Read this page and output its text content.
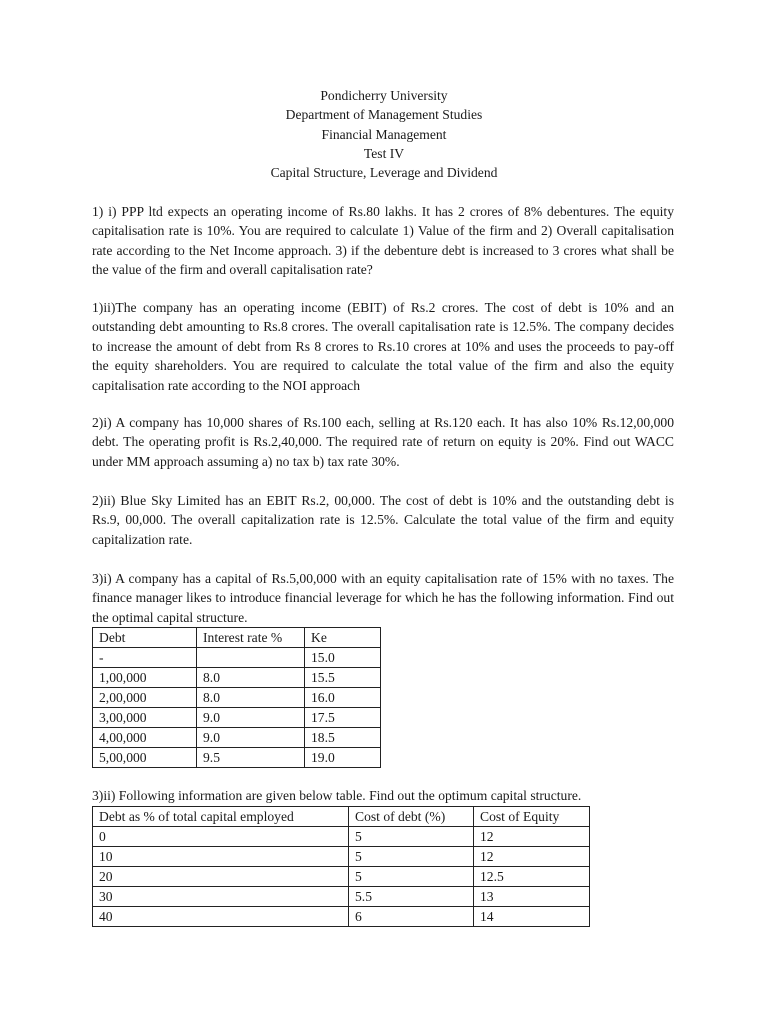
Pondicherry University
Department of Management Studies
Financial Management
Test IV
Capital Structure, Leverage and Dividend

1) i) PPP ltd expects an operating income of Rs.80 lakhs. It has 2 crores of 8% debentures. The equity capitalisation rate is 10%. You are required to calculate 1) Value of the firm and 2) Overall capitalisation rate according to the Net Income approach. 3) if the debenture debt is increased to 3 crores what shall be the value of the firm and overall capitalisation rate?

1)ii)The company has an operating income (EBIT) of Rs.2 crores. The cost of debt is 10% and an outstanding debt amounting to Rs.8 crores. The overall capitalisation rate is 12.5%. The company decides to increase the amount of debt from Rs 8 crores to Rs.10 crores at 10% and uses the proceeds to pay-off the equity shareholders. You are required to calculate the total value of the firm and also the equity capitalisation rate according to the NOI approach

2)i) A company has 10,000 shares of Rs.100 each, selling at Rs.120 each. It has also 10% Rs.12,00,000 debt. The operating profit is Rs.2,40,000. The required rate of return on equity is 20%. Find out WACC under MM approach assuming a) no tax b) tax rate 30%.

2)ii) Blue Sky Limited has an EBIT Rs.2, 00,000. The cost of debt is 10% and the outstanding debt is Rs.9, 00,000. The overall capitalization rate is 12.5%. Calculate the total value of the firm and equity capitalization rate.

3)i) A company has a capital of Rs.5,00,000 with an equity capitalisation rate of 15% with no taxes. The finance manager likes to introduce financial leverage for which he has the following information. Find out the optimal capital structure.

Debt	Interest rate %	Ke
-		15.0
1,00,000	8.0	15.5
2,00,000	8.0	16.0
3,00,000	9.0	17.5
4,00,000	9.0	18.5
5,00,000	9.5	19.0

3)ii) Following information are given below table. Find out the optimum capital structure.

Debt as % of total capital employed	Cost of debt (%)	Cost of Equity
0	5	12
10	5	12
20	5	12.5
30	5.5	13
40	6	14
